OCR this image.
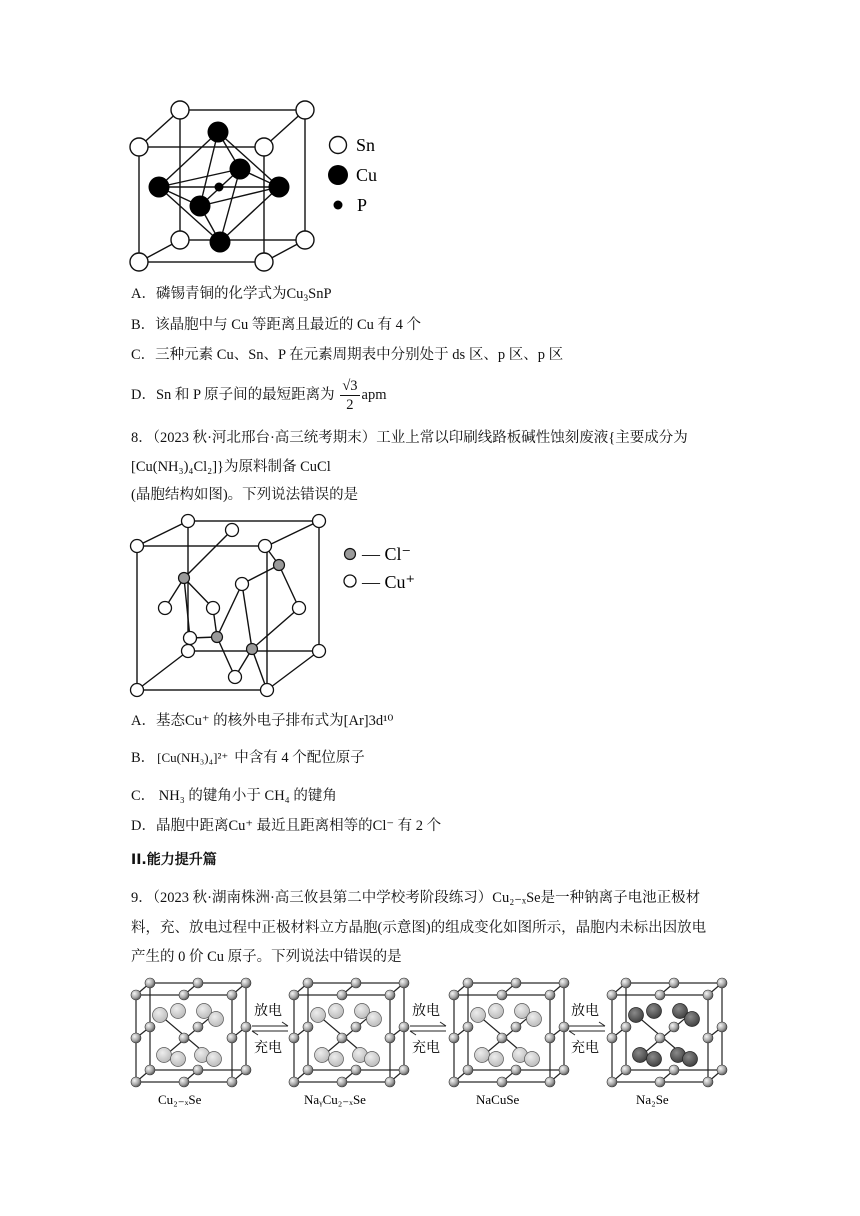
Sn
Cu
P
A．磷锡青铜的化学式为$Cu_3SnP$
B．该晶胞中与 Cu 等距离且最近的 Cu 有 4 个
C．三种元素 Cu、Sn、P 在元素周期表中分别处于 ds 区、p 区、p 区
D．Sn 和 P 原子间的最短距离为 $\frac{√3}{2}$ apm
8．（2023 秋·河北邢台·高三统考期末）工业上常以印刷线路板碱性蚀刻废液{主要成分为
[Cu(NH₃)₄Cl₂]}为原料制备 CuCl
(晶胞结构如图)。下列说法错误的是
— Cl⁻
— Cu⁺
A．基态Cu⁺ 的核外电子排布式为[Ar]3d¹⁰
B． [Cu(NH₃)₄]²⁺ 中含有 4 个配位原子
C． NH₃ 的键角小于 CH₄ 的键角
D．晶胞中距离Cu⁺ 最近且距离相等的Cl⁻ 有 2 个
II.能力提升篇
9．（2023 秋·湖南株洲·高三攸县第二中学校考阶段练习）Cu₂₋ₓSe是一种钠离子电池正极材
料，充、放电过程中正极材料立方晶胞(示意图)的组成变化如图所示，晶胞内未标出因放电
产生的 0 价 Cu 原子。下列说法中错误的是
放电
充电
放电
充电
放电
充电
Cu₂₋ₓSe	NaᵧCu₂₋ₓSe	NaCuSe	Na₂Se
